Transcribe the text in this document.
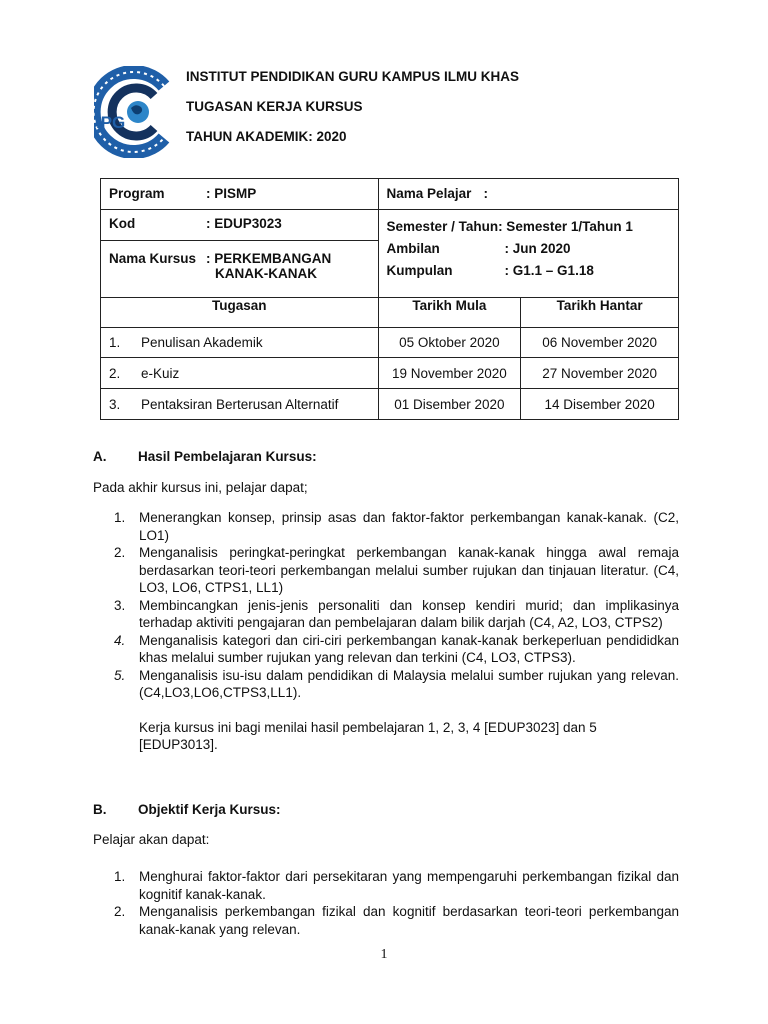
iPG
INSTITUT PENDIDIKAN GURU KAMPUS ILMU KHAS
TUGASAN KERJA KURSUS
TAHUN AKADEMIK: 2020
Program : PISMP	Nama Pelajar :	

Kod : EDUP3023	Semester / Tahun: Semester 1/Tahun 1
Ambilan : Jun 2020
Kumpulan : G1.1 – G1.18	

Nama Kursus : PERKEMBANGAN
KANAK-KANAK		

Tugasan	Tarikh Mula	Tarikh Hantar

1. Penulisan Akademik	05 Oktober 2020	06 November 2020

2. e-Kuiz	19 November 2020	27 November 2020

3. Pentaksiran Berterusan Alternatif	01 Disember 2020	14 Disember 2020
A. Hasil Pembelajaran Kursus:
Pada akhir kursus ini, pelajar dapat;
1. Menerangkan konsep, prinsip asas dan faktor-faktor perkembangan kanak-kanak. (C2, LO1)
2. Menganalisis peringkat-peringkat perkembangan kanak-kanak hingga awal remaja berdasarkan teori-teori perkembangan melalui sumber rujukan dan tinjauan literatur. (C4, LO3, LO6, CTPS1, LL1)
3. Membincangkan jenis-jenis personaliti dan konsep kendiri murid; dan implikasinya terhadap aktiviti pengajaran dan pembelajaran dalam bilik darjah (C4, A2, LO3, CTPS2)
4. Menganalisis kategori dan ciri-ciri perkembangan kanak-kanak berkeperluan pendididkan khas melalui sumber rujukan yang relevan dan terkini (C4, LO3, CTPS3).
5. Menganalisis isu-isu dalam pendidikan di Malaysia melalui sumber rujukan yang relevan. (C4,LO3,LO6,CTPS3,LL1).
Kerja kursus ini bagi menilai hasil pembelajaran 1, 2, 3, 4 [EDUP3023] dan 5 [EDUP3013].
B. Objektif Kerja Kursus:
Pelajar akan dapat:
1. Menghurai faktor-faktor dari persekitaran yang mempengaruhi perkembangan fizikal dan kognitif kanak-kanak.
2. Menganalisis perkembangan fizikal dan kognitif berdasarkan teori-teori perkembangan kanak-kanak yang relevan.
1
